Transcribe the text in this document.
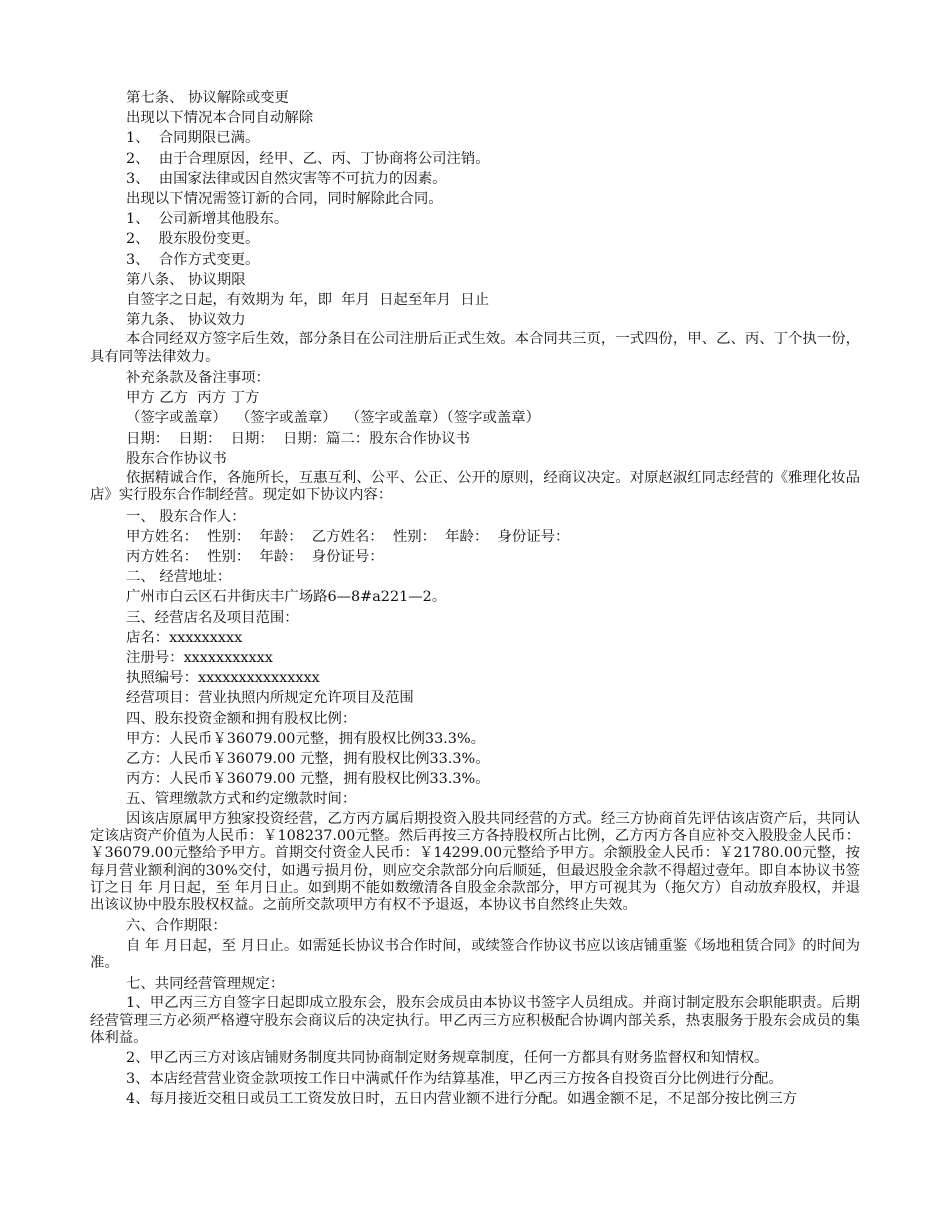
第七条、 协议解除或变更
出现以下情况本合同自动解除
1、  合同期限已满。
2、  由于合理原因，经甲、乙、丙、丁协商将公司注销。
3、  由国家法律或因自然灾害等不可抗力的因素。
出现以下情况需签订新的合同，同时解除此合同。
1、  公司新增其他股东。
2、  股东股份变更。
3、  合作方式变更。
第八条、 协议期限
自签字之日起，有效期为 年，即  年月  日起至年月  日止
第九条、 协议效力

本合同经双方签字后生效，部分条目在公司注册后正式生效。本合同共三页，一式四份，甲、乙、丙、丁个执一份，具有同等法律效力。

补充条款及备注事项：
甲方 乙方  丙方 丁方
（签字或盖章）  （签字或盖章）  （签字或盖章）（签字或盖章）
日期：  日期：  日期：  日期：篇二：股东合作协议书
股东合作协议书

依据精诚合作，各施所长，互惠互利、公平、公正、公开的原则，经商议决定。对原赵淑红同志经营的《雅理化妆品店》实行股东合作制经营。现定如下协议内容：

一、 股东合作人：
甲方姓名：  性别：  年龄：  乙方姓名：  性别：  年龄：  身份证号：
丙方姓名：  性别：  年龄：  身份证号：
二、 经营地址：
广州市白云区石井街庆丰广场路6—8#a221—2。
三、经营店名及项目范围：
店名：xxxxxxxxx
注册号：xxxxxxxxxxx
执照编号：xxxxxxxxxxxxxxx
经营项目：营业执照内所规定允许项目及范围
四、股东投资金额和拥有股权比例：
甲方：人民币￥36079.00元整，拥有股权比例33.3%。
乙方：人民币￥36079.00 元整，拥有股权比例33.3%。
丙方：人民币￥36079.00 元整，拥有股权比例33.3%。
五、管理缴款方式和约定缴款时间：

因该店原属甲方独家投资经营，乙方丙方属后期投资入股共同经营的方式。经三方协商首先评估该店资产后，共同认定该店资产价值为人民币：￥108237.00元整。然后再按三方各持股权所占比例，乙方丙方各自应补交入股股金人民币：￥36079.00元整给予甲方。首期交付资金人民币：￥14299.00元整给予甲方。余额股金人民币：￥21780.00元整，按每月营业额利润的30%交付，如遇亏损月份，则应交余款部分向后顺延，但最迟股金余款不得超过壹年。即自本协议书签订之日 年 月日起，至 年月日止。如到期不能如数缴清各自股金余款部分，甲方可视其为（拖欠方）自动放弃股权，并退出该议协中股东股权权益。之前所交款项甲方有权不予退返，本协议书自然终止失效。

六、合作期限：

自 年 月日起，至 月日止。如需延长协议书合作时间，或续签合作协议书应以该店铺重鉴《场地租赁合同》的时间为准。

七、共同经营管理规定：

1、甲乙丙三方自签字日起即成立股东会，股东会成员由本协议书签字人员组成。并商讨制定股东会职能职责。后期经营管理三方必须严格遵守股东会商议后的决定执行。甲乙丙三方应积极配合协调内部关系，热衷服务于股东会成员的集体利益。

2、甲乙丙三方对该店铺财务制度共同协商制定财务规章制度，任何一方都具有财务监督权和知情权。

3、本店经营营业资金款项按工作日中满贰仟作为结算基准，甲乙丙三方按各自投资百分比例进行分配。

4、每月接近交租日或员工工资发放日时，五日内营业额不进行分配。如遇金额不足，不足部分按比例三方
